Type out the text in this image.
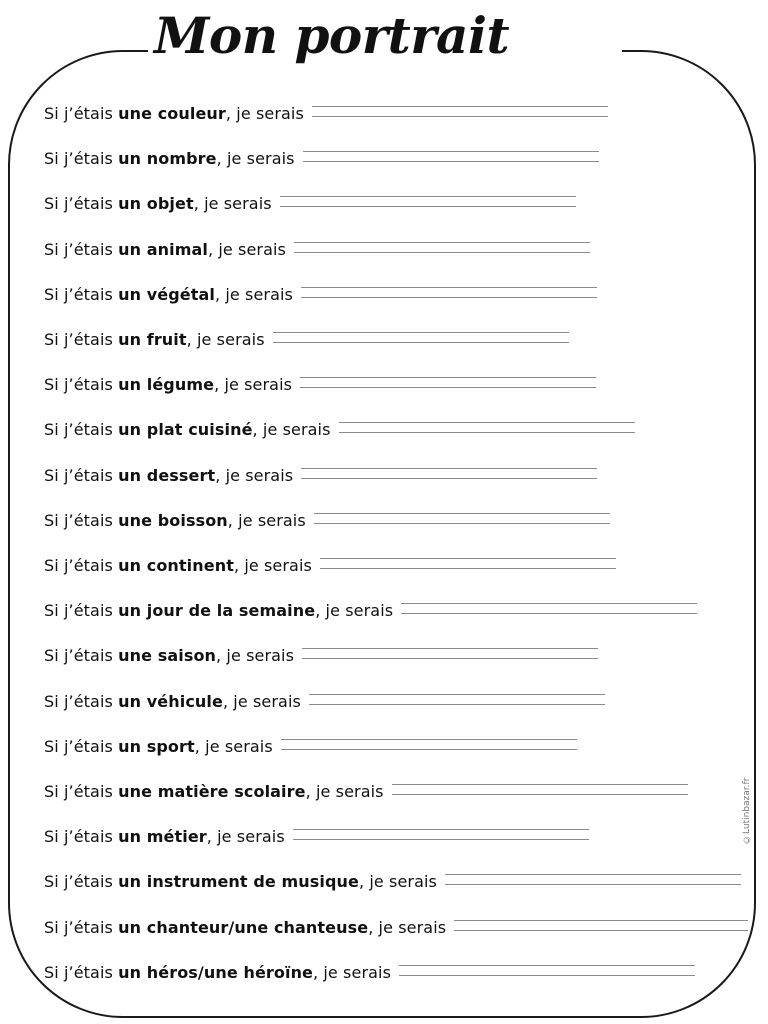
Mon portrait
Si j’étais une couleur, je serais
Si j’étais un nombre, je serais
Si j’étais un objet, je serais
Si j’étais un animal, je serais
Si j’étais un végétal, je serais
Si j’étais un fruit, je serais
Si j’étais un légume, je serais
Si j’étais un plat cuisiné, je serais
Si j’étais un dessert, je serais
Si j’étais une boisson, je serais
Si j’étais un continent, je serais
Si j’étais un jour de la semaine, je serais
Si j’étais une saison, je serais
Si j’étais un véhicule, je serais
Si j’étais un sport, je serais
Si j’étais une matière scolaire, je serais
Si j’étais un métier, je serais
Si j’étais un instrument de musique, je serais
Si j’étais un chanteur/une chanteuse, je serais
Si j’étais un héros/une héroïne, je serais
©Lutinbazar.fr
